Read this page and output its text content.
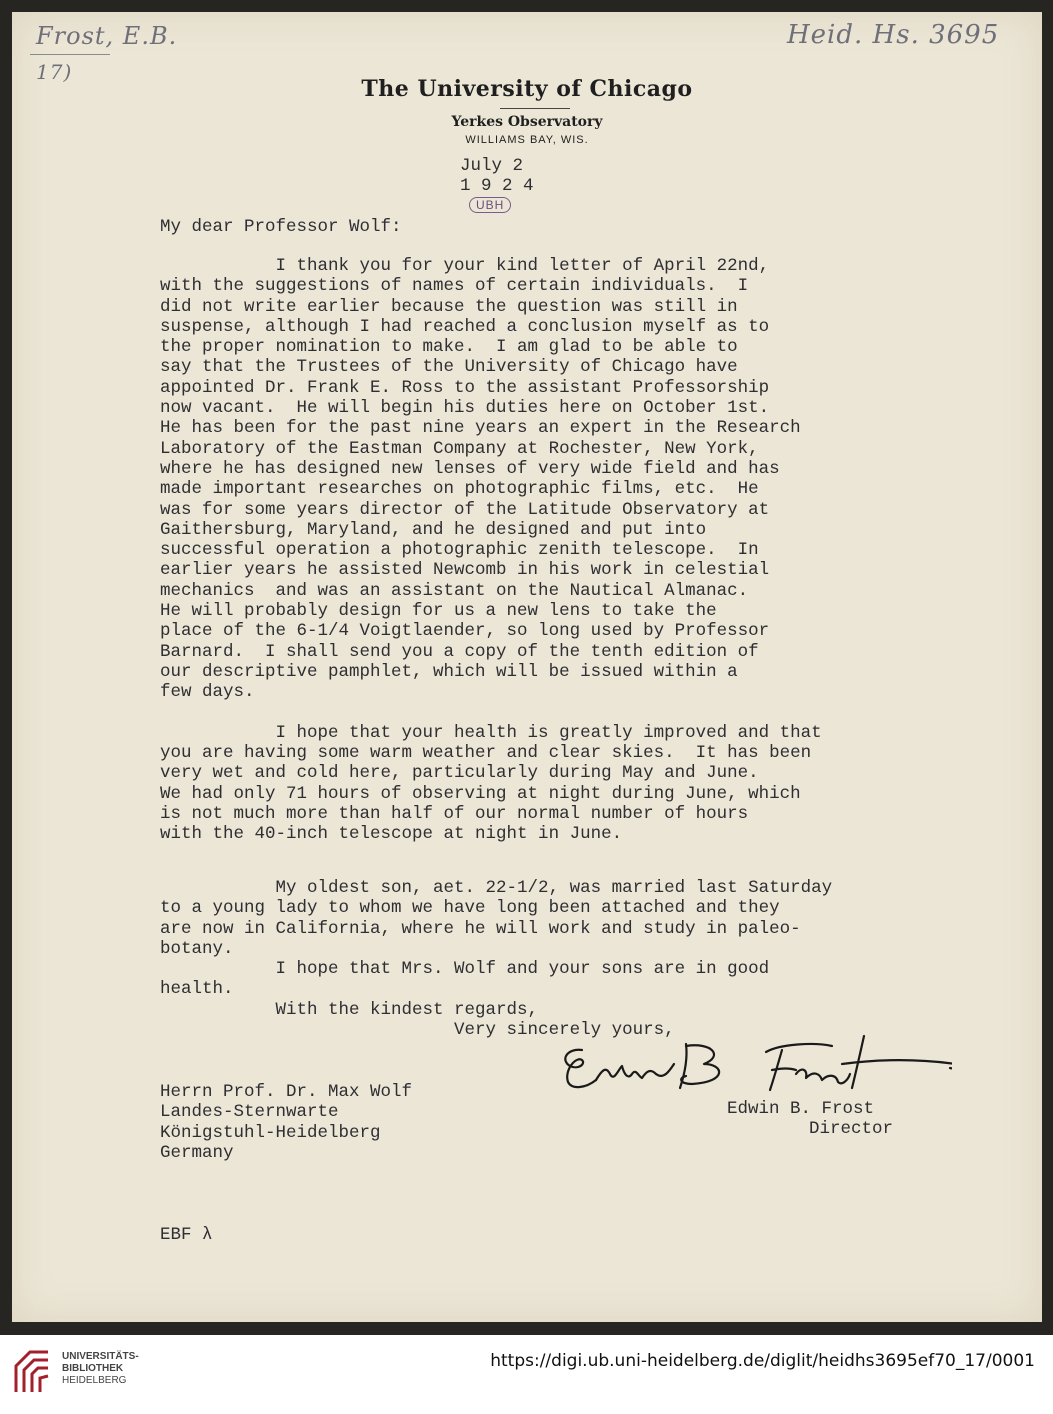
Frost, E.B.
17)
Heid. Hs. 3695
The University of Chicago
Yerkes Observatory
WILLIAMS BAY, WIS.
July 2
1 9 2 4
UBH
My dear Professor Wolf:
I thank you for your kind letter of April 22nd,
with the suggestions of names of certain individuals.  I
did not write earlier because the question was still in
suspense, although I had reached a conclusion myself as to
the proper nomination to make.  I am glad to be able to
say that the Trustees of the University of Chicago have
appointed Dr. Frank E. Ross to the assistant Professorship
now vacant.  He will begin his duties here on October 1st.
He has been for the past nine years an expert in the Research
Laboratory of the Eastman Company at Rochester, New York,
where he has designed new lenses of very wide field and has
made important researches on photographic films, etc.  He
was for some years director of the Latitude Observatory at
Gaithersburg, Maryland, and he designed and put into
successful operation a photographic zenith telescope.  In
earlier years he assisted Newcomb in his work in celestial
mechanics  and was an assistant on the Nautical Almanac.
He will probably design for us a new lens to take the
place of the 6-1/4 Voigtlaender, so long used by Professor
Barnard.  I shall send you a copy of the tenth edition of
our descriptive pamphlet, which will be issued within a
few days.

I hope that your health is greatly improved and that
you are having some warm weather and clear skies.  It has been
very wet and cold here, particularly during May and June.
We had only 71 hours of observing at night during June, which
is not much more than half of our normal number of hours
with the 40-inch telescope at night in June.
My oldest son, aet. 22-1/2, was married last Saturday
to a young lady to whom we have long been attached and they
are now in California, where he will work and study in paleo-
botany.
I hope that Mrs. Wolf and your sons are in good
health.
With the kindest regards,
Very sincerely yours,
Herrn Prof. Dr. Max Wolf
Landes-Sternwarte
Königstuhl-Heidelberg
Germany
Edwin B. Frost
Director
EBF λ
UNIVERSITÄTS-
BIBLIOTHEK
HEIDELBERG
https://digi.ub.uni-heidelberg.de/diglit/heidhs3695ef70_17/0001
